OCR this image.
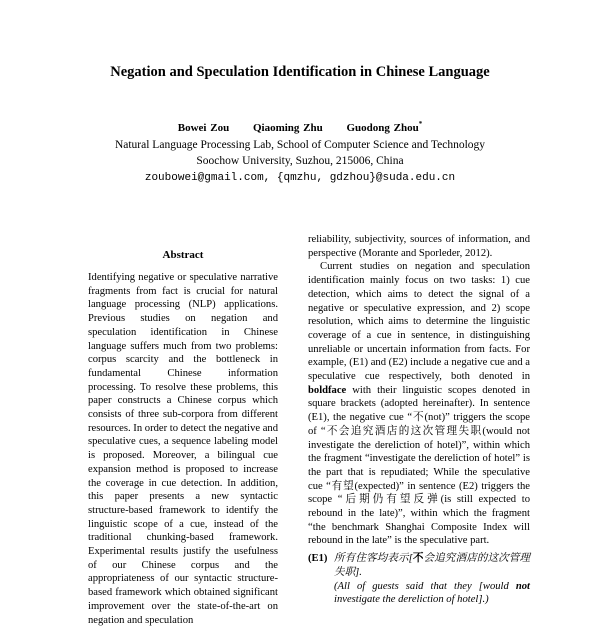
Negation and Speculation Identification in Chinese Language
Bowei Zou Qiaoming Zhu Guodong Zhou*
Natural Language Processing Lab, School of Computer Science and Technology
Soochow University, Suzhou, 215006, China
zoubowei@gmail.com, {qmzhu, gdzhou}@suda.edu.cn
Abstract

Identifying negative or speculative narrative fragments from fact is crucial for natural language processing (NLP) applications. Previous studies on negation and speculation identification in Chinese language suffers much from two problems: corpus scarcity and the bottleneck in fundamental Chinese information processing. To resolve these problems, this paper constructs a Chinese corpus which consists of three sub-corpora from different resources. In order to detect the negative and speculative cues, a sequence labeling model is proposed. Moreover, a bilingual cue expansion method is proposed to increase the coverage in cue detection. In addition, this paper presents a new syntactic structure-based framework to identify the linguistic scope of a cue, instead of the traditional chunking-based framework. Experimental results justify the usefulness of our Chinese corpus and the appropriateness of our syntactic structure-based framework which obtained significant improvement over the state-of-the-art on negation and speculation

reliability, subjectivity, sources of information, and perspective (Morante and Sporleder, 2012).

Current studies on negation and speculation identification mainly focus on two tasks: 1) cue detection, which aims to detect the signal of a negative or speculative expression, and 2) scope resolution, which aims to determine the linguistic coverage of a cue in sentence, in distinguishing unreliable or uncertain information from facts. For example, (E1) and (E2) include a negative cue and a speculative cue respectively, both denoted in boldface with their linguistic scopes denoted in square brackets (adopted hereinafter). In sentence (E1), the negative cue “不(not)” triggers the scope of “不会追究酒店的这次管理失职(would not investigate the dereliction of hotel)”, within which the fragment “investigate the dereliction of hotel” is the part that is repudiated; While the speculative cue “有望(expected)” in sentence (E2) triggers the scope “后期仍有望反弹(is still expected to rebound in the late)”, within which the fragment “the benchmark Shanghai Composite Index will rebound in the late” is the speculative part.

(E1) 所有住客均表示[不会追究酒店的这次管理失职].
(All of guests said that they [would not investigate the dereliction of hotel].)
